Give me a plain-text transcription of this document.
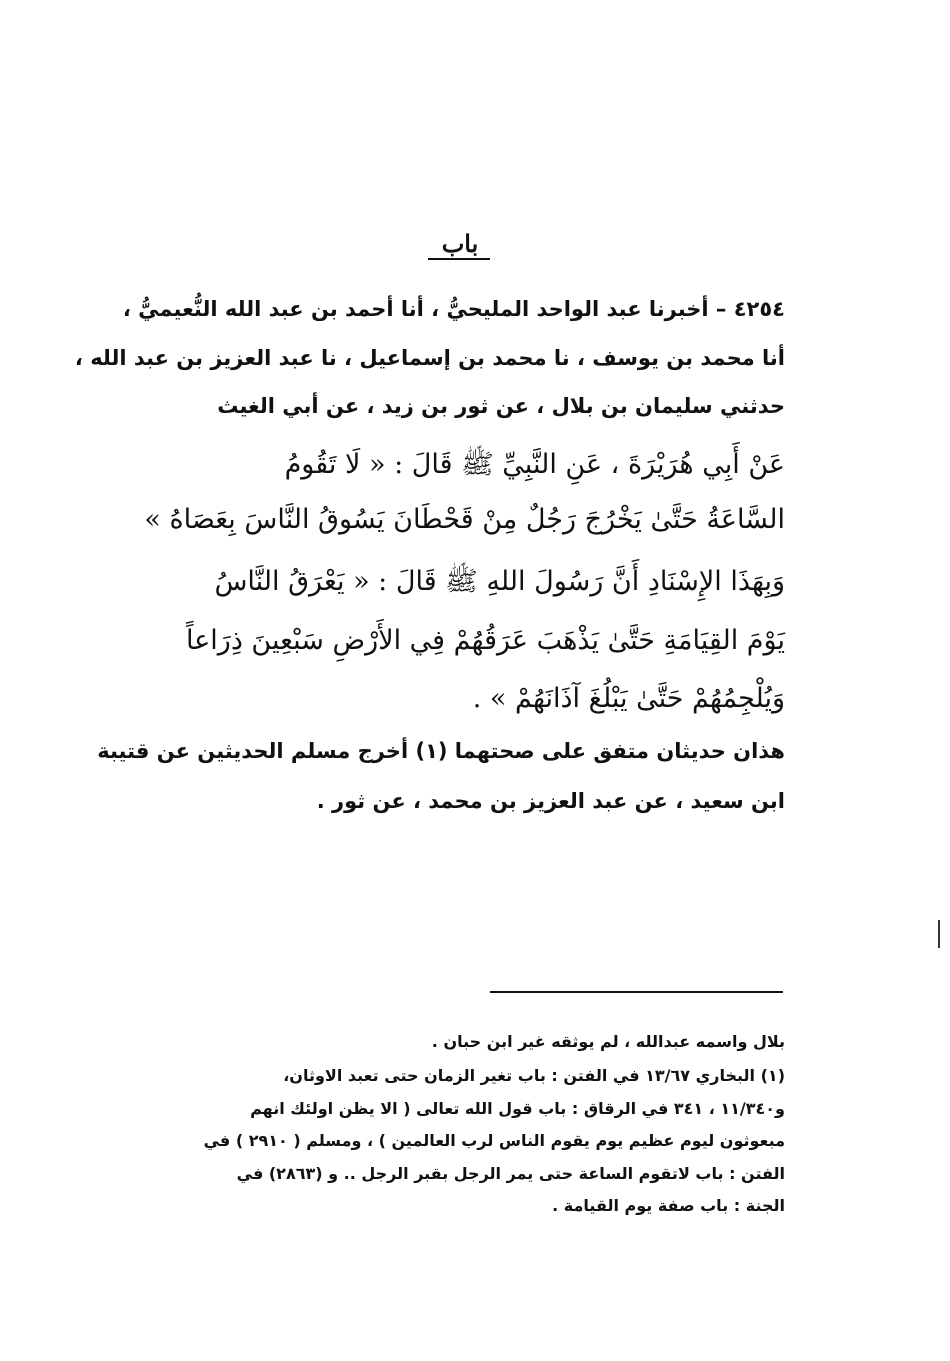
باب
٤٢٥٤ – أخبرنا عبد الواحد المليحيُّ ، أنا أحمد بن عبد الله النُّعيميُّ ،
أنا محمد بن يوسف ، نا محمد بن إسماعيل ، نا عبد العزيز بن عبد الله ،
حدثني سليمان بن بلال ، عن ثور بن زيد ، عن أبي الغيث
عَنْ أَبِي هُرَيْرَةَ ، عَنِ النَّبِيِّ ﷺ قَالَ : « لَا تَقُومُ
السَّاعَةُ حَتَّىٰ يَخْرُجَ رَجُلٌ مِنْ قَحْطَانَ يَسُوقُ النَّاسَ بِعَصَاهُ »
وَبِهَذَا الإِسْنَادِ أَنَّ رَسُولَ اللهِ ﷺ قَالَ : « يَعْرَقُ النَّاسُ
يَوْمَ القِيَامَةِ حَتَّىٰ يَذْهَبَ عَرَقُهُمْ فِي الأَرْضِ سَبْعِينَ ذِرَاعاً
وَيُلْجِمُهُمْ حَتَّىٰ يَبْلُغَ آذَانَهُمْ » .
هذان حديثان متفق على صحتهما (١) أخرج مسلم الحديثين عن قتيبة
ابن سعيد ، عن عبد العزيز بن محمد ، عن ثور .
بلال واسمه عبدالله ، لم يوثقه غير ابن حبان .
(١) البخاري ١٣/٦٧ في الفتن : باب تغير الزمان حتى تعبد الاوثان،
و١١/٣٤٠ ، ٣٤١ في الرقاق : باب قول الله تعالى ( الا يظن اولئك انهم
مبعوثون ليوم عظيم يوم يقوم الناس لرب العالمين ) ، ومسلم ( ٢٩١٠ ) في
الفتن : باب لاتقوم الساعة حتى يمر الرجل بقبر الرجل .. و (٢٨٦٣) في
الجنة : باب صفة يوم القيامة .
